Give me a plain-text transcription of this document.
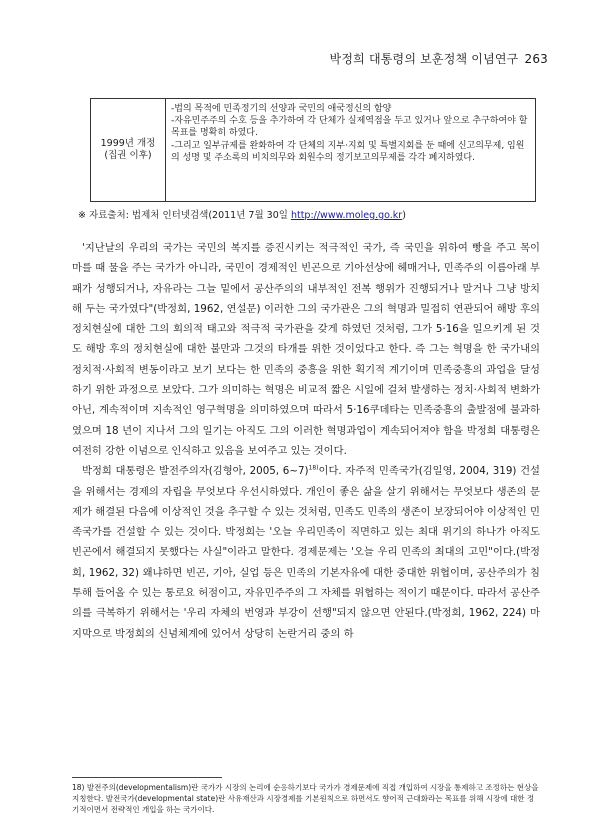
박정희 대통령의 보훈정책 이념연구 263
1999년 개정
(집권 이후)
-법의 목적에 민족정기의 선양과 국민의 애국정신의 함양
-자유민주주의 수호 등을 추가하여 각 단체가 실제역점을 두고 있거나 앞으로 추구하여야 할 목표를 명확히 하였다.
-그리고 일부규제를 완화하여 각 단체의 지부·지회 및 특별지회를 둔 때에 신고의무제, 임원의 성명 및 주소록의 비치의무와 회원수의 정기보고의무제를 각각 폐지하였다.
※ 자료출처: 법제처 인터넷검색(2011년 7월 30일 http://www.moleg.go.kr)

'지난날의 우리의 국가는 국민의 복지를 증진시키는 적극적인 국가, 즉 국민을 위하여 빵을 주고 목이 마를 때 물을 주는 국가가 아니라, 국민이 경제적인 빈곤으로 기아선상에 헤매거나, 민족주의 이름아래 부패가 성행되거나, 자유라는 그늘 밑에서 공산주의의 내부적인 전복 행위가 진행되거나 말거나 그냥 방치해 두는 국가였다"(박정희, 1962, 연설문) 이러한 그의 국가관은 그의 혁명과 밀접히 연관되어 해방 후의 정치현실에 대한 그의 회의적 태고와 적극적 국가관을 갖게 하였던 것처럼, 그가 5·16을 일으키게 된 것도 해방 후의 정치현실에 대한 불만과 그것의 타개를 위한 것이었다고 한다. 즉 그는 혁명을 한 국가내의 정치적·사회적 변동이라고 보기 보다는 한 민족의 중흥을 위한 획기적 계기이며 민족중흥의 과업을 달성하기 위한 과정으로 보았다. 그가 의미하는 혁명은 비교적 짧은 시일에 걸쳐 발생하는 정치·사회적 변화가 아닌, 계속적이며 지속적인 영구혁명을 의미하였으며 따라서 5·16쿠데타는 민족중흥의 출발점에 불과하였으며 18 년이 지나서 그의 일기는 아직도 그의 이러한 혁명과업이 계속되어져야 함을 박정희 대통령은 여전히 강한 이념으로 인식하고 있음을 보여주고 있는 것이다.

박정희 대통령은 발전주의자(김형아, 2005, 6~7)$^{18)}$이다. 자주적 민족국가(김일영, 2004, 319) 건설을 위해서는 경제의 자립을 무엇보다 우선시하였다. 개인이 좋은 삶을 살기 위해서는 무엇보다 생존의 문제가 해결된 다음에 이상적인 것을 추구할 수 있는 것처럼, 민족도 민족의 생존이 보장되어야 이상적인 민족국가를 건설할 수 있는 것이다. 박정희는 '오늘 우리민족이 직면하고 있는 최대 위기의 하나가 아직도 빈곤에서 해결되지 못했다는 사실"이라고 말한다. 경제문제는 '오늘 우리 민족의 최대의 고민"이다.(박정희, 1962, 32) 왜냐하면 빈곤, 기아, 실업 등은 민족의 기본자유에 대한 중대한 위협이며, 공산주의가 침투해 들어올 수 있는 통로요 허점이고, 자유민주주의 그 자체를 위협하는 적이기 때문이다. 따라서 공산주의를 극복하기 위해서는 '우리 자체의 번영과 부강이 선행"되지 않으면 안된다.(박정희, 1962, 224) 마지막으로 박정희의 신념체계에 있어서 상당히 논란거리 중의 하

18) 발전주의(developmentalism)란 국가가 시장의 논리에 순응하기보다 국가가 경제문제에 직접 개입하여 시장을 통제하고 조정하는 현상을 지칭한다. 발전국가(developmental state)란 사유재산과 시장경제를 기본원칙으로 하면서도 향어적 근대화라는 목표를 위해 시장에 대한 정기적이면서 전략적인 개입을 하는 국가이다.
